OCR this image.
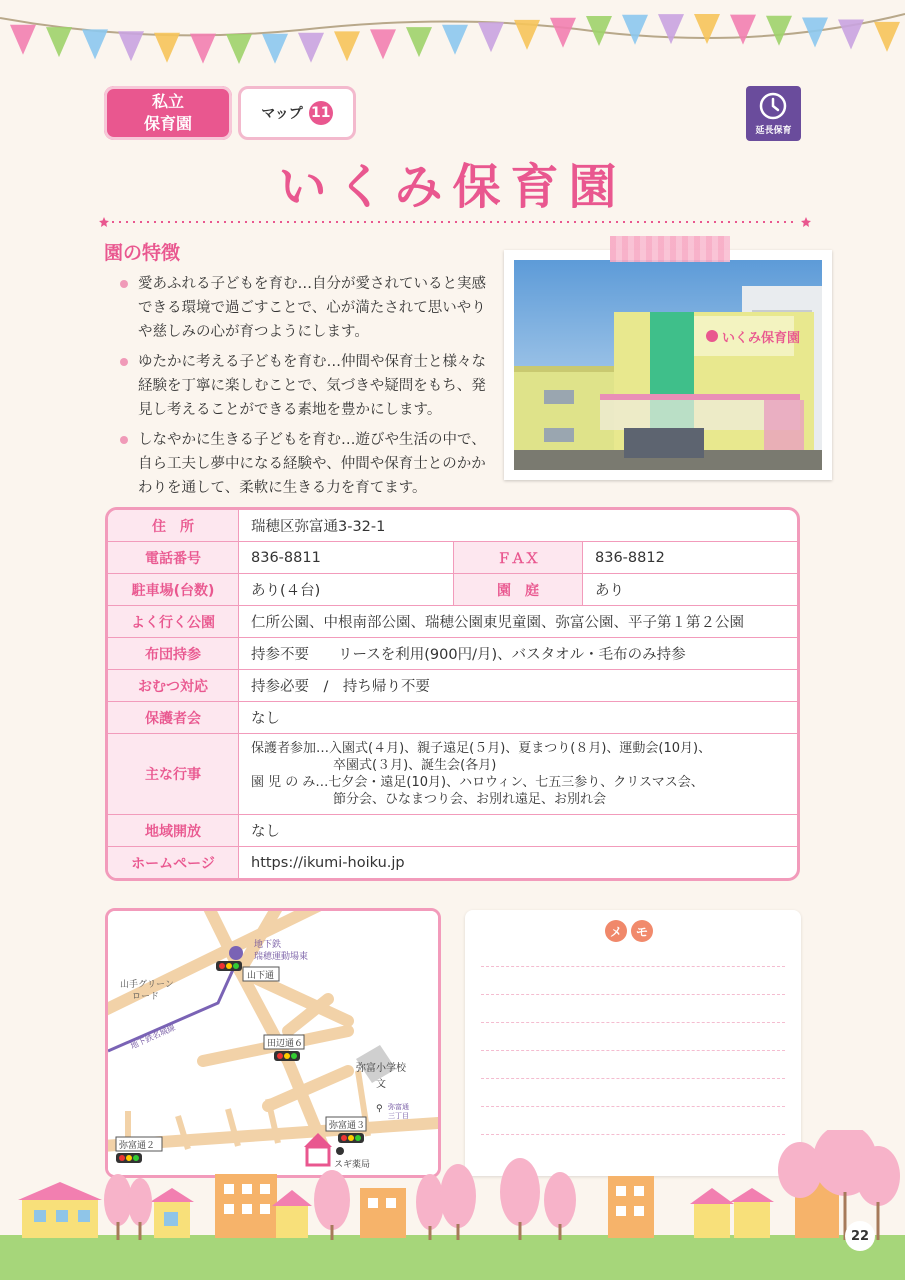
私立
保育園	マップ 11
延長保育
いくみ保育園
園の特徴
愛あふれる子どもを育む…自分が愛されていると実感できる環境で過ごすことで、心が満たされて思いやりや慈しみの心が育つようにします。
ゆたかに考える子どもを育む…仲間や保育士と様々な経験を丁寧に楽しむことで、気づきや疑問をもち、発見し考えることができる素地を豊かにします。
しなやかに生きる子どもを育む…遊びや生活の中で、自ら工夫し夢中になる経験や、仲間や保育士とのかかわりを通して、柔軟に生きる力を育てます。
いくみ保育園
住　所	瑞穂区弥富通3-32-1		
電話番号	836-8811	ＦＡＸ	836-8812
駐車場(台数)	あり(４台)	園　庭	あり
よく行く公園	仁所公園、中根南部公園、瑞穂公園東児童園、弥富公園、平子第１第２公園		
布団持参	持参不要　　リースを利用(900円/月)、バスタオル・毛布のみ持参		
おむつ対応	持参必要　/　持ち帰り不要		
保護者会	なし		
主な行事	保護者参加…入園式(４月)、親子遠足(５月)、夏まつり(８月)、運動会(10月)、
卒園式(３月)、誕生会(各月)
園 児 の み…七夕会・遠足(10月)、ハロウィン、七五三参り、クリスマス会、
節分会、ひなまつり会、お別れ遠足、お別れ会		

地域開放	なし		
ホームページ	https://ikumi-hoiku.jp		
地下鉄
瑞穂運動場東
山下通
山手グリーン
ロード
地下鉄名城線	田辺通６
弥富小学校
文
⚲ 弥富通
三丁目
弥富通３
弥富通２
スギ薬局
メ	モ
22
